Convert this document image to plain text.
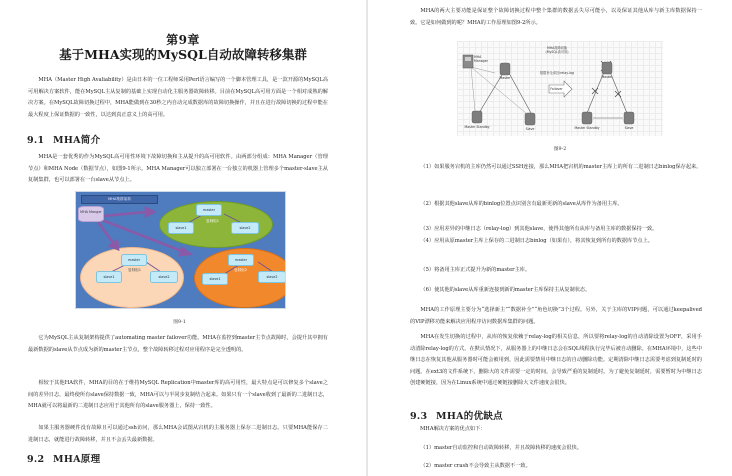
第9章
基于MHA实现的MySQL自动故障转移集群
MHA（Master High Avaliability）是由日本的一位工程师采用Perl语言编写的一个脚本管理工具，是一款开源的MySQL高可用解决方案软件，能在MySQL主从复制的基础上实现自动化主服务器故障转移。目前在MySQL高可用方面是一个相对成熟的解决方案。在MySQL故障切换过程中，MHA能做到在30秒之内自动完成数据库的故障切换操作，并且在进行故障切换的过程中能在最大程度上保证数据的一致性，以达到真正意义上的高可用。
9.1 MHA简介
MHA是一套优秀的作为MySQL高可用性环境下故障切换和主从提升的高可用软件。由两部分组成：MHA Manager（管理节点）和MHA Node（数据节点），如图9-1所示。MHA Manager可以独立部署在一台独立的机器上管理多个master-slave主从复制集群，也可以部署在一台slave从节点上。
MHA集群架构
MHA Manger	master
slave1	slave2
复制组1
master
slave1	slave2
复制组1
master
slave1	slave2
复制组2
图9-1
它为MySQL主从复制架构提供了automating master failover功能。MHA在监控到master主节点故障时，会提升其中拥有最新数据的slave从节点成为新的master主节点，整个故障转移过程对应用程序是完全透明的。
相较于其他HA软件，MHA的目的在于维持MySQL Replication中master库的高可用性，最大特点是可以修复多个slave之间的差异日志，最终使所有slave保持数据一致，MHA可以与半同步复制结合起来。如果只有一个slave收到了最新的二进制日志，MHA就可以将最新的二进制日志应用于其他所有的slave服务器上，保持一致性。
如果主服务器硬件没有故障且可以通过ssh访问，那么MHA会试图从宕机的主服务器上保存二进制日志。只要MHA能保存二进制日志，就能进行故障转移，并且不会丢失最新数据。
9.2 MHA原理
MHA的两大主要功能是保证整个故障切换过程中整个集群的数据丢失尽可能小，以及保证其他从库与新主库数据保持一致。它是如何做到的呢？MHA的工作原理如图9-2所示。
MHA故障切换
(MySQL高可用)
数据补全/同步relay-log
Failover
MHA Manager
Master
Master Standby	Slave
Master
Master Standby	Slave
图9-2
（1）如果服务宕机的主库仍然可以通过SSH连接，那么MHA把宕机的master主库上的所有二进制日志binlog保存起来。
（2）根据其他slave从库的binlog位置点识别含有最新更新的slave从库作为备用主库。
（3）应用差异的中继日志（relay-log）到其他slave，使得其他所有从库与备用主库的数据保持一致。
（4）应用从原master主库上保存的二进制日志binlog（如果有），将其恢复到所有的数据库节点上。
（5）将备用主库正式提升为新的master主库。
（6）使其他的slave从库重新连接到新的master主库保持主从复制状态。
MHA的工作原理主要分为“选择新主”“数据补全”“角色切换”3个过程。另外，关于主库的VIP问题，可以通过keepalived的VIP漂移功能来解决应用程序访问数据库集群的问题。
MHA在发生切换的过程中，从库的恢复依赖于relay-log的相关信息，所以要将relay-log的自动清除设置为OFF，采用手动清除relay-log的方式。在默认情况下，从服务器上的中继日志会在SQL线程执行完毕后被自动删除。在MHA环境中，这些中继日志在恢复其他从服务器时可能会被用到，因此需要禁用中继日志的自动删除功能。定期清除中继日志需要考虑到复制延时的问题。在ext3的文件系统下，删除大的文件需要一定的时间，会导致严重的复制延时。为了避免复制延时，需要暂时为中继日志创建硬链接，因为在Linux系统中通过硬链接删除大文件速度会很快。
9.3 MHA的优缺点
MHA解决方案的优点如下：
（1）master自动监控和自动故障转移，并且故障转移的速度会很快。
（2）master crash不会导致主从数据不一致。
